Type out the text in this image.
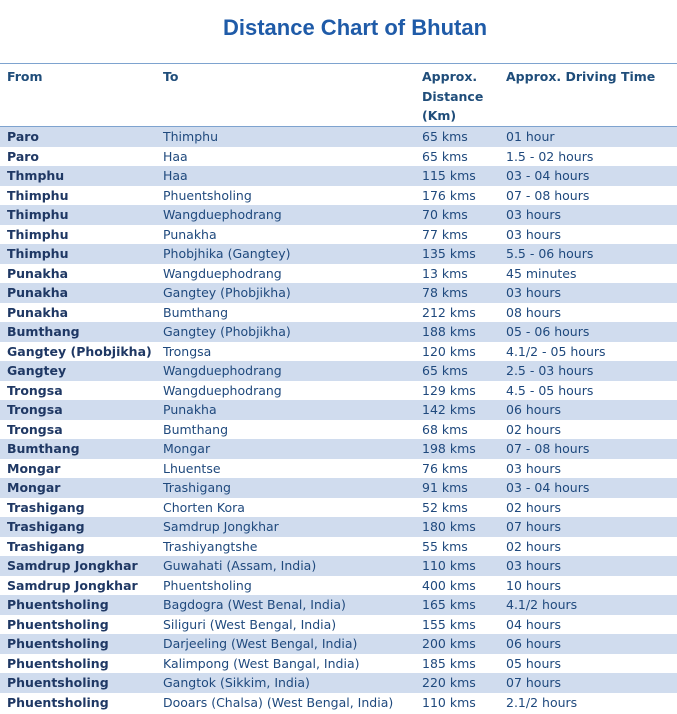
Distance Chart of Bhutan
From	To	Approx.
Distance
(Km)	Approx. Driving Time
Paro	Thimphu	65 kms	01 hour
Paro	Haa	65 kms	1.5 - 02 hours
Thmphu	Haa	115 kms	03 - 04 hours
Thimphu	Phuentsholing	176 kms	07 - 08 hours
Thimphu	Wangduephodrang	70 kms	03 hours
Thimphu	Punakha	77 kms	03 hours
Thimphu	Phobjhika (Gangtey)	135 kms	5.5 - 06 hours
Punakha	Wangduephodrang	13 kms	45 minutes
Punakha	Gangtey (Phobjikha)	78 kms	03 hours
Punakha	Bumthang	212 kms	08 hours
Bumthang	Gangtey (Phobjikha)	188 kms	05 - 06 hours
Gangtey (Phobjikha)	Trongsa	120 kms	4.1/2 - 05 hours
Gangtey	Wangduephodrang	65 kms	2.5 - 03 hours
Trongsa	Wangduephodrang	129 kms	4.5 - 05 hours
Trongsa	Punakha	142 kms	06 hours
Trongsa	Bumthang	68 kms	02 hours
Bumthang	Mongar	198 kms	07 - 08 hours
Mongar	Lhuentse	76 kms	03 hours
Mongar	Trashigang	91 kms	03 - 04 hours
Trashigang	Chorten Kora	52 kms	02 hours
Trashigang	Samdrup Jongkhar	180 kms	07 hours
Trashigang	Trashiyangtshe	55 kms	02 hours
Samdrup Jongkhar	Guwahati (Assam, India)	110 kms	03 hours
Samdrup Jongkhar	Phuentsholing	400 kms	10 hours
Phuentsholing	Bagdogra (West Benal, India)	165 kms	4.1/2 hours
Phuentsholing	Siliguri (West Bengal, India)	155 kms	04 hours
Phuentsholing	Darjeeling (West Bengal, India)	200 kms	06 hours
Phuentsholing	Kalimpong (West Bangal, India)	185 kms	05 hours
Phuentsholing	Gangtok (Sikkim, India)	220 kms	07 hours
Phuentsholing	Dooars (Chalsa) (West Bengal, India)	110 kms	2.1/2 hours
